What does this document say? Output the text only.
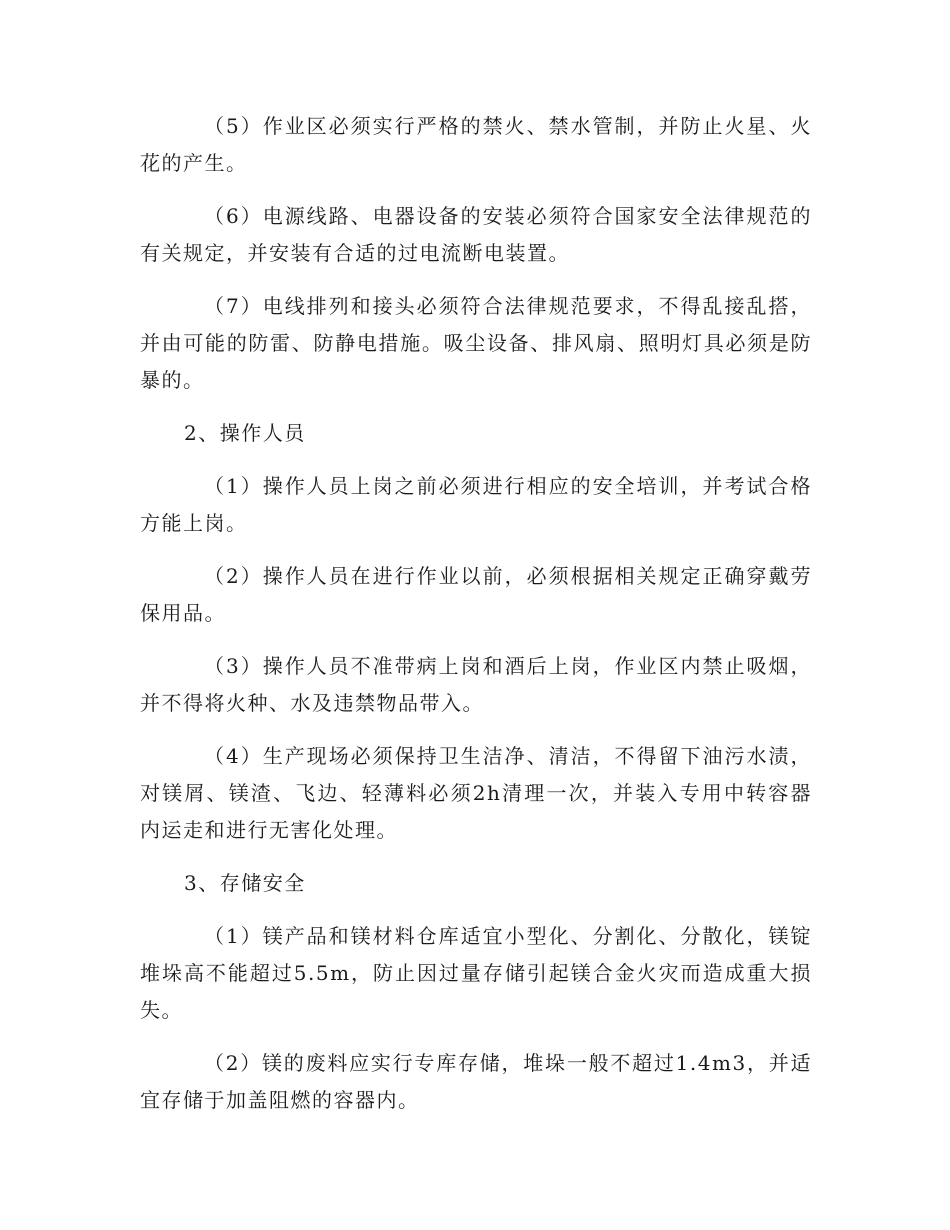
（5）作业区必须实行严格的禁火、禁水管制，并防止火星、火花的产生。

（6）电源线路、电器设备的安装必须符合国家安全法律规范的有关规定，并安装有合适的过电流断电装置。

（7）电线排列和接头必须符合法律规范要求，不得乱接乱搭，并由可能的防雷、防静电措施。吸尘设备、排风扇、照明灯具必须是防暴的。

2、操作人员

（1）操作人员上岗之前必须进行相应的安全培训，并考试合格方能上岗。

（2）操作人员在进行作业以前，必须根据相关规定正确穿戴劳保用品。

（3）操作人员不准带病上岗和酒后上岗，作业区内禁止吸烟，并不得将火种、水及违禁物品带入。

（4）生产现场必须保持卫生洁净、清洁，不得留下油污水渍，对镁屑、镁渣、飞边、轻薄料必须2h清理一次，并装入专用中转容器内运走和进行无害化处理。

3、存储安全

（1）镁产品和镁材料仓库适宜小型化、分割化、分散化，镁锭堆垛高不能超过5.5m，防止因过量存储引起镁合金火灾而造成重大损失。

（2）镁的废料应实行专库存储，堆垛一般不超过1.4m3，并适宜存储于加盖阻燃的容器内。
